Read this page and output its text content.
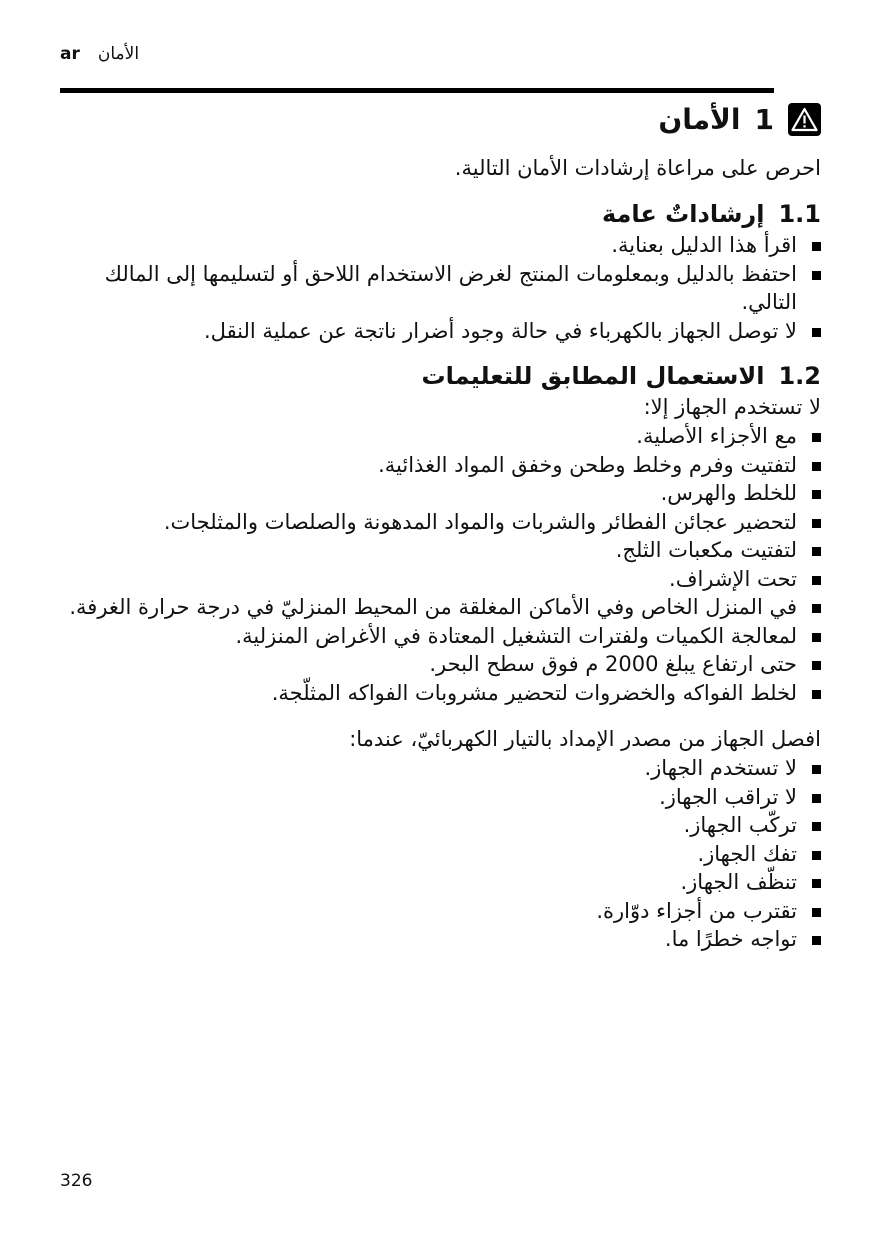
ar الأمان
1الأمان

احرص على مراعاة إرشادات الأمان التالية.

1.1إرشاداتٌ عامة
اقرأ هذا الدليل بعناية.
احتفظ بالدليل وبمعلومات المنتج لغرض الاستخدام اللاحق أو لتسليمها إلى المالك التالي.
لا توصل الجهاز بالكهرباء في حالة وجود أضرار ناتجة عن عملية النقل.
1.2الاستعمال المطابق للتعليمات

لا تستخدم الجهاز إلا:

مع الأجزاء الأصلية.
لتفتيت وفرم وخلط وطحن وخفق المواد الغذائية.
للخلط والهرس.
لتحضير عجائن الفطائر والشربات والمواد المدهونة والصلصات والمثلجات.
لتفتيت مكعبات الثلج.
تحت الإشراف.
في المنزل الخاص وفي الأماكن المغلقة من المحيط المنزليّ في درجة حرارة الغرفة.
لمعالجة الكميات ولفترات التشغيل المعتادة في الأغراض المنزلية.
حتى ارتفاع يبلغ 2000 م فوق سطح البحر.
لخلط الفواكه والخضروات لتحضير مشروبات الفواكه المثلّجة.

افصل الجهاز من مصدر الإمداد بالتيار الكهربائيّ، عندما:

لا تستخدم الجهاز.
لا تراقب الجهاز.
تركّب الجهاز.
تفك الجهاز.
تنظّف الجهاز.
تقترب من أجزاء دوّارة.
تواجه خطرًا ما.
326
